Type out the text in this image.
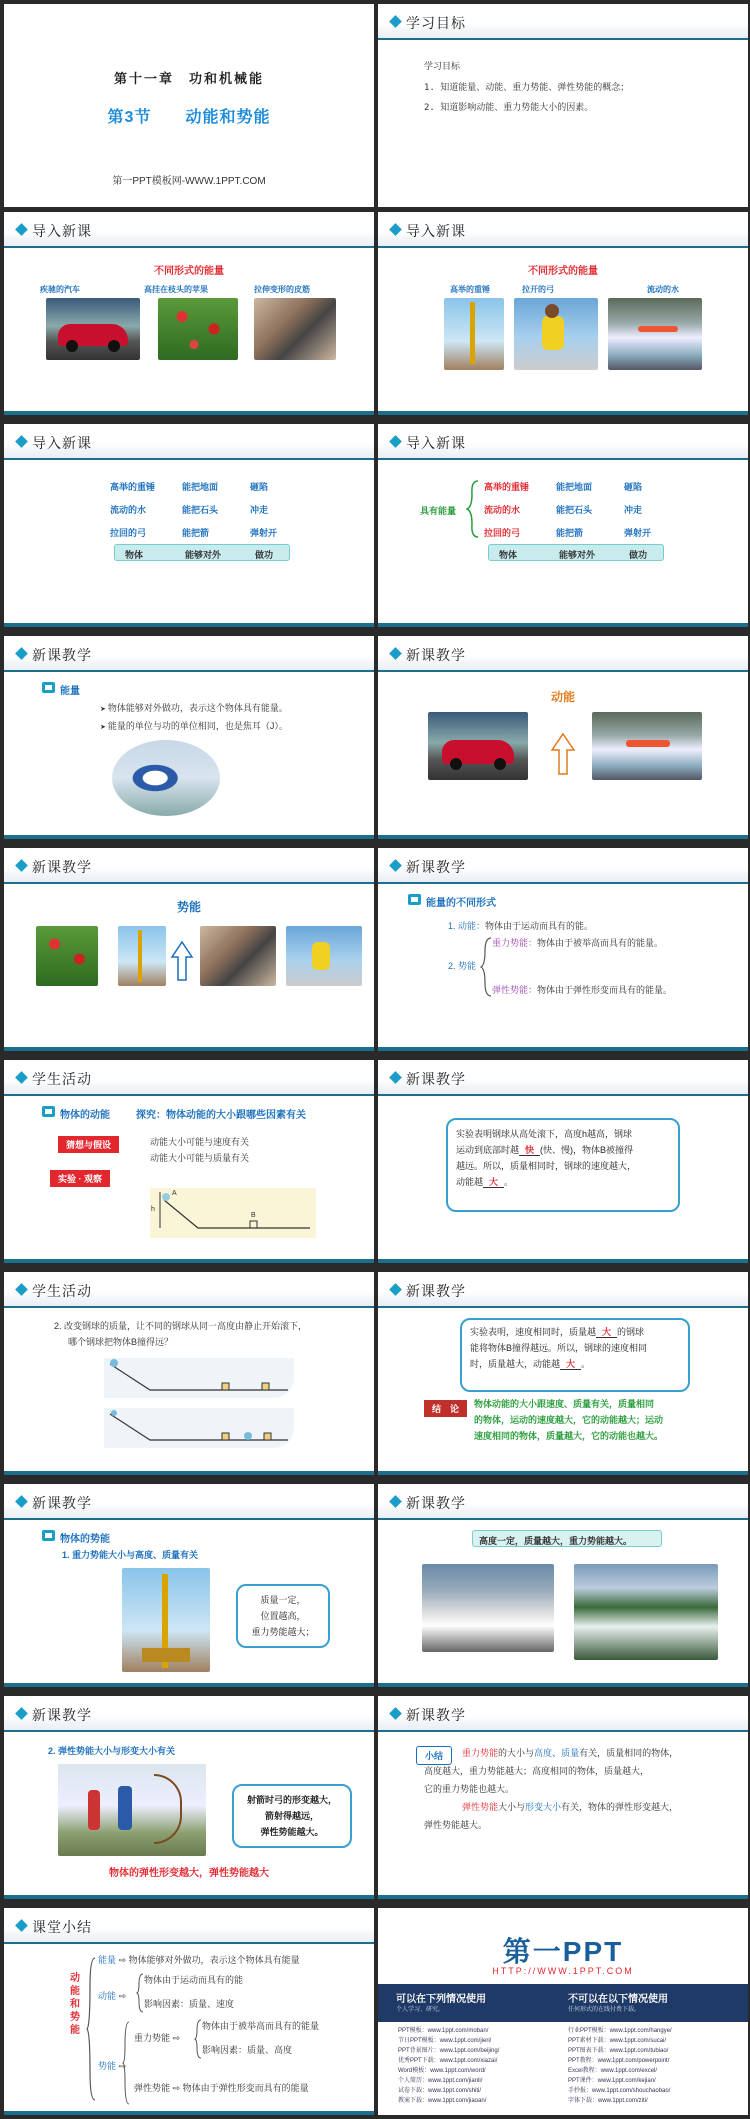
第十一章　功和机械能
第3节　　动能和势能
第一PPT模板网-WWW.1PPT.COM
学习目标
学习目标
1. 知道能量、动能、重力势能、弹性势能的概念；
2. 知道影响动能、重力势能大小的因素。
导入新课
不同形式的能量
疾驰的汽车	高挂在枝头的苹果	拉伸变形的皮筋
导入新课
不同形式的能量
高举的重锤	拉开的弓	流动的水
导入新课
高举的重锤	能把地面	砸陷
流动的水	能把石头	冲走
拉回的弓	能把箭	弹射开
物体	能够对外	做功
导入新课
具有能量
高举的重锤	能把地面	砸陷
流动的水	能把石头	冲走
拉回的弓	能把箭	弹射开
物体	能够对外	做功
新课教学
能量
➤ 物体能够对外做功，表示这个物体具有能量。
➤ 能量的单位与功的单位相同，也是焦耳（J）。
新课教学
动能
新课教学
势能
新课教学
能量的不同形式
1. 动能：物体由于运动而具有的能。
2. 势能
重力势能：物体由于被举高而具有的能量。
弹性势能：物体由于弹性形变而具有的能量。
学生活动
物体的动能	探究：物体动能的大小跟哪些因素有关
猜想与假设	动能大小可能与速度有关
动能大小可能与质量有关
实验 · 观察
h
A
B
新课教学
实验表明钢球从高处滚下，高度h越高，钢球
运动到底部时越 快 (快、慢)，物体B被撞得
越远。所以，质量相同时，钢球的速度越大，
动能越 大 。
学生活动
2. 改变钢球的质量，让不同的钢球从同一高度由静止开始滚下，
哪个钢球把物体B撞得远？
新课教学
实验表明，速度相同时，质量越 大 的钢球
能将物体B撞得越远。所以，钢球的速度相同
时，质量越大，动能越 大 。
结　论	物体动能的大小跟速度、质量有关，质量相同
的物体，运动的速度越大，它的动能越大；运动
速度相同的物体，质量越大，它的动能也越大。
新课教学
物体的势能
1. 重力势能大小与高度、质量有关
质量一定，
位置越高，
重力势能越大；
新课教学
高度一定，质量越大，重力势能越大。
新课教学
2. 弹性势能大小与形变大小有关
射箭时弓的形变越大，
箭射得越远，
弹性势能越大。
物体的弹性形变越大，弹性势能越大
新课教学
小结	重力势能的大小与高度、质量有关，质量相同的物体，
高度越大，重力势能越大；高度相同的物体，质量越大，
它的重力势能也越大。
弹性势能大小与形变大小有关，物体的弹性形变越大，
弹性势能越大。
课堂小结
动
能
和
势
能
能量 ⇨ 物体能够对外做功，表示这个物体具有能量
动能 ⇨
物体由于运动而具有的能
影响因素：质量、速度
势能 ⇨
重力势能 ⇨
物体由于被举高而具有的能量
影响因素：质量、高度
弹性势能 ⇨ 物体由于弹性形变而具有的能量
第一PPT
HTTP://WWW.1PPT.COM
可以在下列情况使用
个人学习、研究。
不可以在以下情况使用
任何形式的在线付费下载。
PPT模板：www.1ppt.com/moban/
节日PPT模板：www.1ppt.com/jieri/
PPT背景图片：www.1ppt.com/beijing/
优秀PPT下载：www.1ppt.com/xiazai/
Word模板：www.1ppt.com/word/
个人简历：www.1ppt.com/jianli/
试卷下载：www.1ppt.com/shiti/
教案下载：www.1ppt.com/jiaoan/
行业PPT模板：www.1ppt.com/hangye/
PPT素材下载：www.1ppt.com/sucai/
PPT图表下载：www.1ppt.com/tubiao/
PPT教程：www.1ppt.com/powerpoint/
Excel教程：www.1ppt.com/excel/
PPT课件：www.1ppt.com/kejian/
手抄报：www.1ppt.com/shouchaobao/
字体下载：www.1ppt.com/ziti/
